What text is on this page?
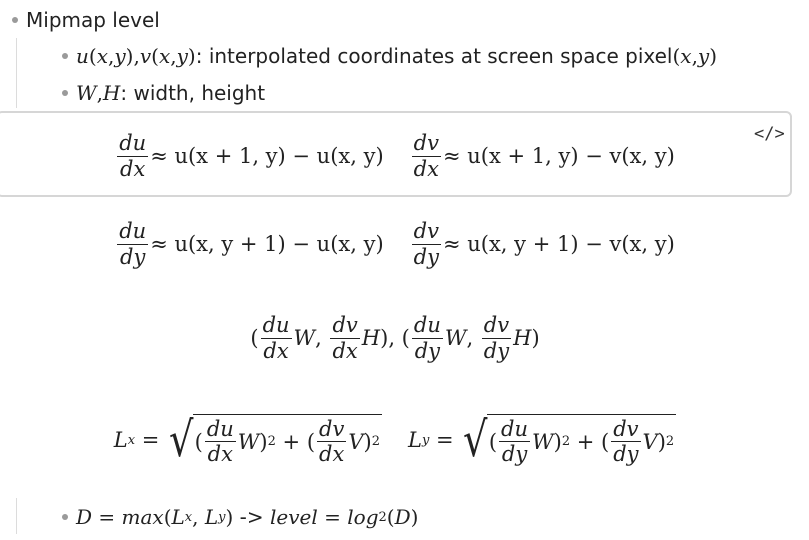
Mipmap level
u ( x , y ), v ( x , y ) : interpolated coordinates at screen space pixel ( x , y )
W , H : width, height
</>
$\frac{du}{dx} \approx u(x + 1$, y) − u(x, $y) \frac{dv}{dx} \approx u(x + 1$, y) − v(x, y)
$\frac{du}{dy} \approx u(x$, y + 1) − u(x, $y) \frac{dv}{dy} \approx u(x$, y + 1) − v(x, y)
( $\frac{du}{dx}$ W , $\frac{dv}{dx}$ H ), ( $\frac{du}{dy}$ W , $\frac{dv}{dy}$ H )
L x = √ ( $\frac{du}{dx}$ W ) 2 + ( $\frac{dv}{dx}$ V ) 2 L y = √ ( $\frac{du}{dy}$ W ) 2 + ( $\frac{dv}{dy}$ V ) 2
D = max ( L x , L y ) -> level = log 2 ( D )
